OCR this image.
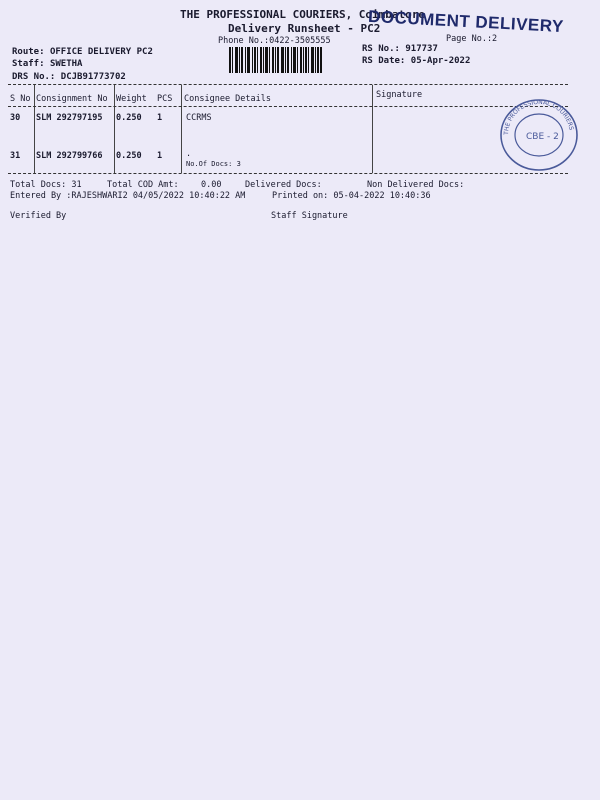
THE PROFESSIONAL COURIERS, Coimbatore
DOCUMENT DELIVERY
Delivery Runsheet - PC2
Phone No.:0422-3505555	Page No.:2
Route: OFFICE DELIVERY PC2
Staff: SWETHA
DRS No.: DCJB91773702
RS No.: 917737
RS Date: 05-Apr-2022
S No Consignment No Weight PCS Consignee Details	Signature
30 SLM 292797195 0.250 1	CCRMS
31 SLM 292799766 0.250 1	.
No.Of Docs: 3
THE PROFESSIONAL COURIERS
CBE - 2
Total Docs: 31	Total COD Amt:	0.00	Delivered Docs:	Non Delivered Docs:
Entered By :RAJESHWARI2 04/05/2022 10:40:22 AM	Printed on: 05-04-2022 10:40:36
Verified By	Staff Signature
